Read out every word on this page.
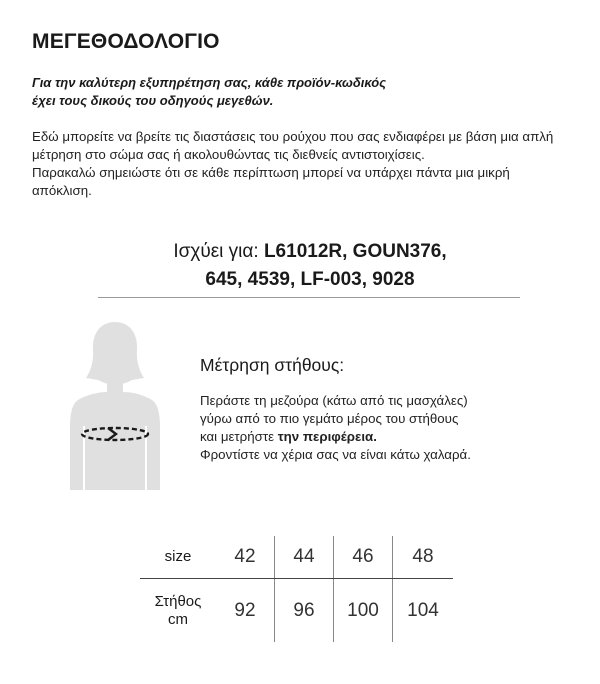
ΜΕΓΕΘΟΔΟΛΟΓΙΟ
Για την καλύτερη εξυπηρέτηση σας, κάθε προϊόν-κωδικός
έχει τους δικούς του οδηγούς μεγεθών.

Εδώ μπορείτε να βρείτε τις διαστάσεις του ρούχου που σας ενδιαφέρει με βάση μια απλή μέτρηση στο σώμα σας ή ακολουθώντας τις διεθνείς αντιστοιχίσεις.

Παρακαλώ σημειώστε ότι σε κάθε περίπτωση μπορεί να υπάρχει πάντα μια μικρή απόκλιση.

Ισχύει για: L61012R, GOUN376,
645, 4539, LF-003, 9028
Μέτρηση στήθους:
Περάστε τη μεζούρα (κάτω από τις μασχάλες)
γύρω από το πιο γεμάτο μέρος του στήθους
και μετρήστε την περιφέρεια.
Φροντίστε να χέρια σας να είναι κάτω χαλαρά.
size	42	44	46	48

Στήθος
cm	92	96	100	104
